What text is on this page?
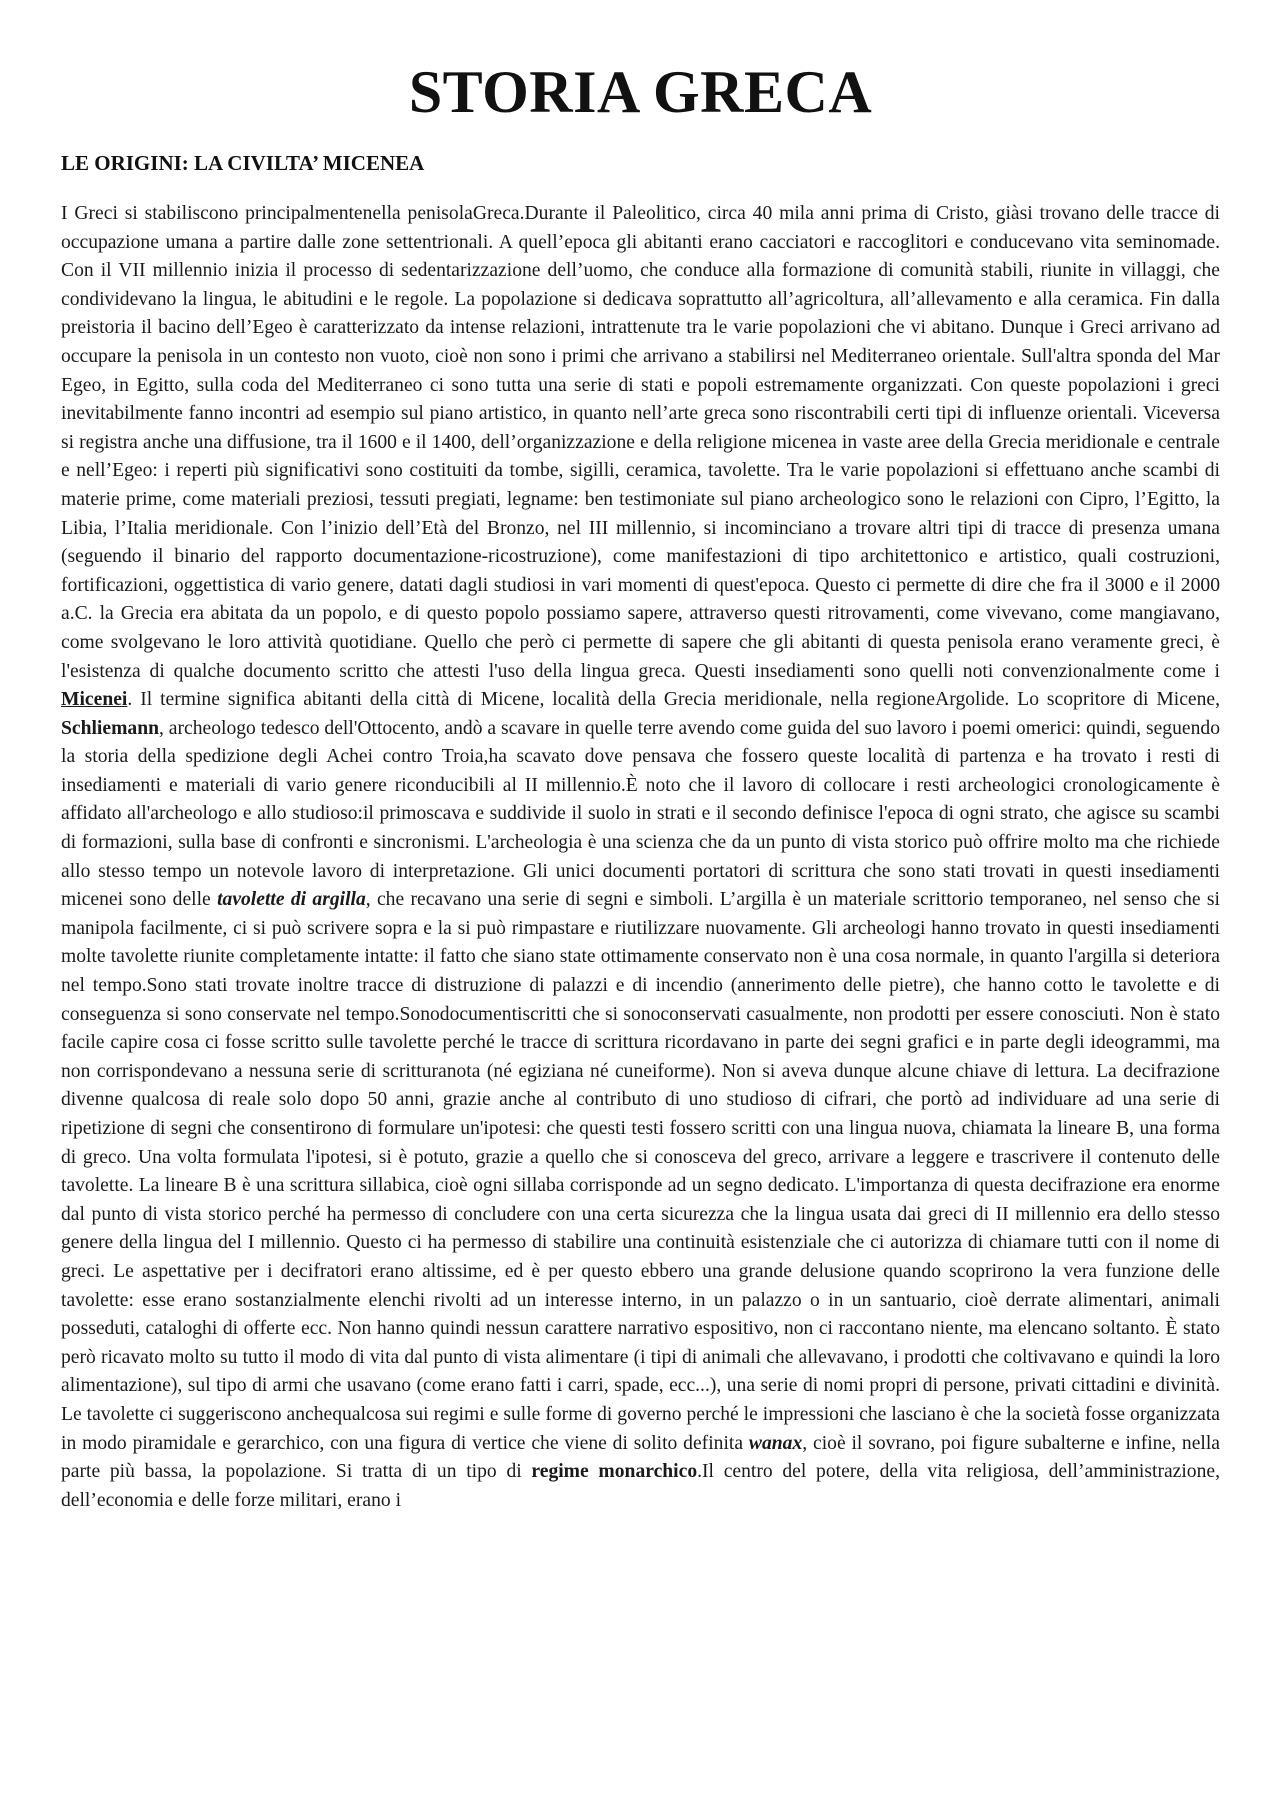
STORIA GRECA
LE ORIGINI: LA CIVILTA’ MICENEA

I Greci si stabiliscono principalmentenella penisolaGreca.Durante il Paleolitico, circa 40 mila anni prima di Cristo, giàsi trovano delle tracce di occupazione umana a partire dalle zone settentrionali. A quell’epoca gli abitanti erano cacciatori e raccoglitori e conducevano vita seminomade. Con il VII millennio inizia il processo di sedentarizzazione dell’uomo, che conduce alla formazione di comunità stabili, riunite in villaggi, che condividevano la lingua, le abitudini e le regole. La popolazione si dedicava soprattutto all’agricoltura, all’allevamento e alla ceramica. Fin dalla preistoria il bacino dell’Egeo è caratterizzato da intense relazioni, intrattenute tra le varie popolazioni che vi abitano. Dunque i Greci arrivano ad occupare la penisola in un contesto non vuoto, cioè non sono i primi che arrivano a stabilirsi nel Mediterraneo orientale. Sull'altra sponda del Mar Egeo, in Egitto, sulla coda del Mediterraneo ci sono tutta una serie di stati e popoli estremamente organizzati. Con queste popolazioni i greci inevitabilmente fanno incontri ad esempio sul piano artistico, in quanto nell’arte greca sono riscontrabili certi tipi di influenze orientali. Viceversa si registra anche una diffusione, tra il 1600 e il 1400, dell’organizzazione e della religione micenea in vaste aree della Grecia meridionale e centrale e nell’Egeo: i reperti più significativi sono costituiti da tombe, sigilli, ceramica, tavolette. Tra le varie popolazioni si effettuano anche scambi di materie prime, come materiali preziosi, tessuti pregiati, legname: ben testimoniate sul piano archeologico sono le relazioni con Cipro, l’Egitto, la Libia, l’Italia meridionale. Con l’inizio dell’Età del Bronzo, nel III millennio, si incominciano a trovare altri tipi di tracce di presenza umana (seguendo il binario del rapporto documentazione-ricostruzione), come manifestazioni di tipo architettonico e artistico, quali costruzioni, fortificazioni, oggettistica di vario genere, datati dagli studiosi in vari momenti di quest'epoca. Questo ci permette di dire che fra il 3000 e il 2000 a.C. la Grecia era abitata da un popolo, e di questo popolo possiamo sapere, attraverso questi ritrovamenti, come vivevano, come mangiavano, come svolgevano le loro attività quotidiane. Quello che però ci permette di sapere che gli abitanti di questa penisola erano veramente greci, è l'esistenza di qualche documento scritto che attesti l'uso della lingua greca. Questi insediamenti sono quelli noti convenzionalmente come i Micenei. Il termine significa abitanti della città di Micene, località della Grecia meridionale, nella regioneArgolide. Lo scopritore di Micene, Schliemann, archeologo tedesco dell'Ottocento, andò a scavare in quelle terre avendo come guida del suo lavoro i poemi omerici: quindi, seguendo la storia della spedizione degli Achei contro Troia,ha scavato dove pensava che fossero queste località di partenza e ha trovato i resti di insediamenti e materiali di vario genere riconducibili al II millennio.È noto che il lavoro di collocare i resti archeologici cronologicamente è affidato all'archeologo e allo studioso:il primoscava e suddivide il suolo in strati e il secondo definisce l'epoca di ogni strato, che agisce su scambi di formazioni, sulla base di confronti e sincronismi. L'archeologia è una scienza che da un punto di vista storico può offrire molto ma che richiede allo stesso tempo un notevole lavoro di interpretazione. Gli unici documenti portatori di scrittura che sono stati trovati in questi insediamenti micenei sono delle tavolette di argilla, che recavano una serie di segni e simboli. L’argilla è un materiale scrittorio temporaneo, nel senso che si manipola facilmente, ci si può scrivere sopra e la si può rimpastare e riutilizzare nuovamente. Gli archeologi hanno trovato in questi insediamenti molte tavolette riunite completamente intatte: il fatto che siano state ottimamente conservato non è una cosa normale, in quanto l'argilla si deteriora nel tempo.Sono stati trovate inoltre tracce di distruzione di palazzi e di incendio (annerimento delle pietre), che hanno cotto le tavolette e di conseguenza si sono conservate nel tempo.Sonodocumentiscritti che si sonoconservati casualmente, non prodotti per essere conosciuti. Non è stato facile capire cosa ci fosse scritto sulle tavolette perché le tracce di scrittura ricordavano in parte dei segni grafici e in parte degli ideogrammi, ma non corrispondevano a nessuna serie di scritturanota (né egiziana né cuneiforme). Non si aveva dunque alcune chiave di lettura. La decifrazione divenne qualcosa di reale solo dopo 50 anni, grazie anche al contributo di uno studioso di cifrari, che portò ad individuare ad una serie di ripetizione di segni che consentirono di formulare un'ipotesi: che questi testi fossero scritti con una lingua nuova, chiamata la lineare B, una forma di greco. Una volta formulata l'ipotesi, si è potuto, grazie a quello che si conosceva del greco, arrivare a leggere e trascrivere il contenuto delle tavolette. La lineare B è una scrittura sillabica, cioè ogni sillaba corrisponde ad un segno dedicato. L'importanza di questa decifrazione era enorme dal punto di vista storico perché ha permesso di concludere con una certa sicurezza che la lingua usata dai greci di II millennio era dello stesso genere della lingua del I millennio. Questo ci ha permesso di stabilire una continuità esistenziale che ci autorizza di chiamare tutti con il nome di greci. Le aspettative per i decifratori erano altissime, ed è per questo ebbero una grande delusione quando scoprirono la vera funzione delle tavolette: esse erano sostanzialmente elenchi rivolti ad un interesse interno, in un palazzo o in un santuario, cioè derrate alimentari, animali posseduti, cataloghi di offerte ecc. Non hanno quindi nessun carattere narrativo espositivo, non ci raccontano niente, ma elencano soltanto. È stato però ricavato molto su tutto il modo di vita dal punto di vista alimentare (i tipi di animali che allevavano, i prodotti che coltivavano e quindi la loro alimentazione), sul tipo di armi che usavano (come erano fatti i carri, spade, ecc...), una serie di nomi propri di persone, privati cittadini e divinità. Le tavolette ci suggeriscono anchequalcosa sui regimi e sulle forme di governo perché le impressioni che lasciano è che la società fosse organizzata in modo piramidale e gerarchico, con una figura di vertice che viene di solito definita wanax, cioè il sovrano, poi figure subalterne e infine, nella parte più bassa, la popolazione. Si tratta di un tipo di regime monarchico.Il centro del potere, della vita religiosa, dell’amministrazione, dell’economia e delle forze militari, erano i
